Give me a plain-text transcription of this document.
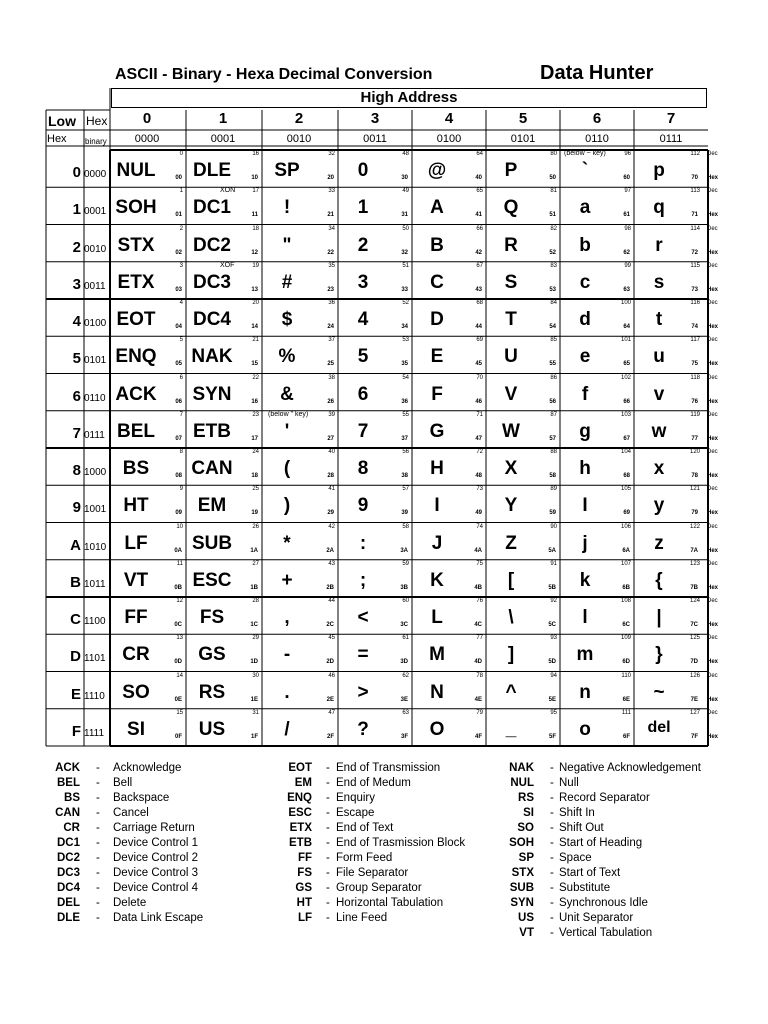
ASCII - Binary - Hexa Decimal Conversion	Data Hunter
High Address
Low Hex
Hex binary
NUL
0
00
SOH
1
01
STX
2
02
ETX
3
03
EOT
4
04
ENQ
5
05
ACK
6
06
BEL
7
07
BS
8
08
HT
9
09
LF
10
0A
VT
11
0B
FF
12
0C
CR
13
0D
SO
14
0E
SI
15
0F
DLE
16
10
DC1
17
11
DC2
18
12
DC3
19
13
DC4
20
14
NAK
21
15
SYN
22
16
ETB
23
17
CAN
24
18
EM
25
19
SUB
26
1A
ESC
27
1B
FS
28
1C
GS
29
1D
RS
30
1E
US
31
1F
SP
32
20
!
33
21
"
34
22
#
35
23
$
36
24
%
37
25
&
38
26
'
39
27
(
40
28
)
41
29
*
42
2A
+
43
2B
,
44
2C
-
45
2D
.
46
2E
/
47
2F
0
48
30
1
49
31
2
50
32
3
51
33
4
52
34
5
53
35
6
54
36
7
55
37
8
56
38
9
57
39
:
58
3A
;
59
3B
<
60
3C
=
61
3D
>
62
3E
?
63
3F
@
64
40
A
65
41
B
66
42
C
67
43
D
68
44
E
69
45
F
70
46
G
71
47
H
72
48
I
73
49
J
74
4A
K
75
4B
L
76
4C
M
77
4D
N
78
4E
O
79
4F
P
80
50
Q
81
51
R
82
52
S
83
53
T
84
54
U
85
55
V
86
56
W
87
57
X
88
58
Y
89
59
Z
90
5A
[
91
5B
\
92
5C
]
93
5D
^
94
5E
_
95
5F
`
96
60
a
97
61
b
98
62
c
99
63
d
100
64
e
101
65
f
102
66
g
103
67
h
104
68
I
105
69
j
106
6A
k
107
6B
l
108
6C
m
109
6D
n
110
6E
o
111
6F
p
112 Dec
70 Hex
q
113 Dec
71 Hex
r
114 Dec
72 Hex
s
115 Dec
73 Hex
t
116 Dec
74 Hex
u
117 Dec
75 Hex
v
118 Dec
76 Hex
w
119 Dec
77 Hex
x
120 Dec
78 Hex
y
121 Dec
79 Hex
z
122 Dec
7A Hex
{
123 Dec
7B Hex
|
124 Dec
7C Hex
}
125 Dec
7D Hex
~
126 Dec
7E Hex
del
127 Dec
7F Hex
XON
XOF
(below ~ key)
(below " key)
ACK - Acknowledge
BEL - Bell
BS - Backspace
CAN - Cancel
CR - Carriage Return
DC1 - Device Control 1
DC2 - Device Control 2
DC3 - Device Control 3
DC4 - Device Control 4
DEL - Delete
DLE - Data Link Escape
EOT - End of Transmission
EM - End of Medum
ENQ - Enquiry
ESC - Escape
ETX - End of Text
ETB - End of Trasmission Block
FF - Form Feed
FS - File Separator
GS - Group Separator
HT - Horizontal Tabulation
LF - Line Feed
NAK - Negative Acknowledgement
NUL - Null
RS - Record Separator
SI - Shift In
SO - Shift Out
SOH - Start of Heading
SP - Space
STX - Start of Text
SUB - Substitute
SYN - Synchronous Idle
US - Unit Separator
VT - Vertical Tabulation
0
0000
1
0001
2
0010
3
0011
4
0100
5
0101
6
0110
7
0111
0 0000
1 0001
2 0010
3 0011
4 0100
5 0101
6 0110
7 0111
8 1000
9 1001
A 1010
B 1011
C 1100
D 1101
E 1110
F 1111
